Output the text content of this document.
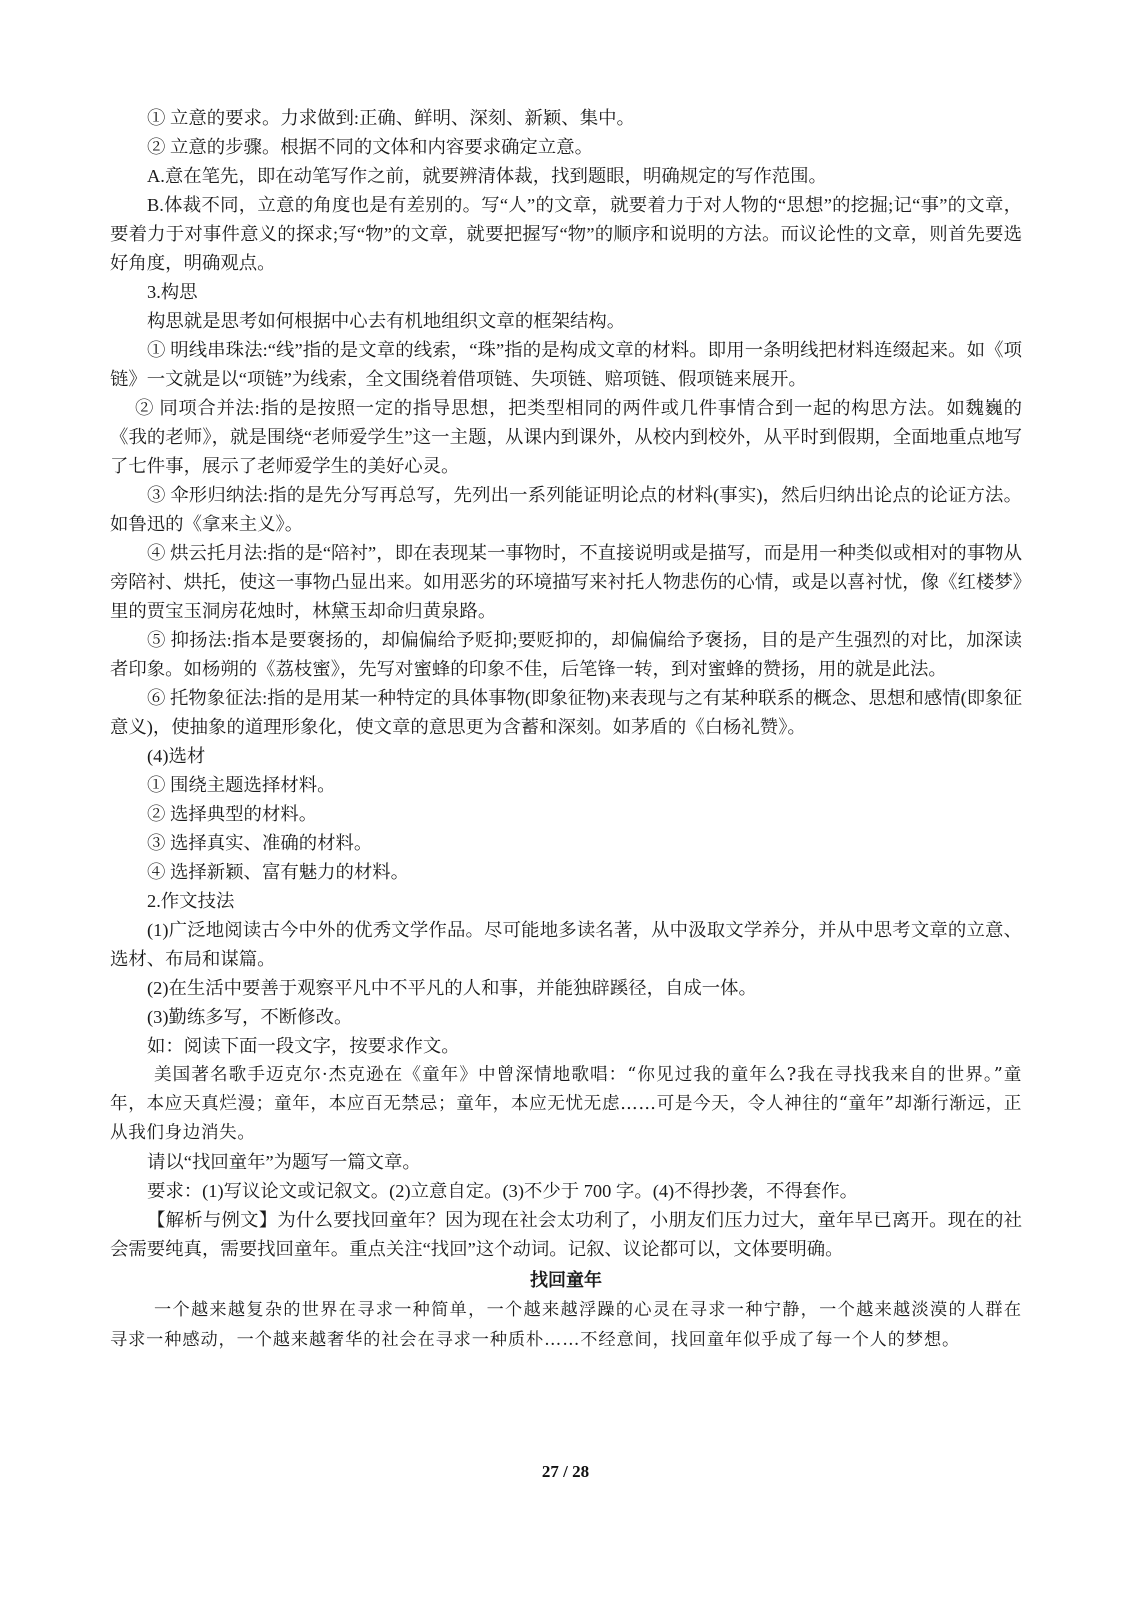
① 立意的要求。力求做到:正确、鲜明、深刻、新颖、集中。

② 立意的步骤。根据不同的文体和内容要求确定立意。

A.意在笔先，即在动笔写作之前，就要辨清体裁，找到题眼，明确规定的写作范围。

B.体裁不同，立意的角度也是有差别的。写“人”的文章，就要着力于对人物的“思想”的挖掘;记“事”的文章，要着力于对事件意义的探求;写“物”的文章，就要把握写“物”的顺序和说明的方法。而议论性的文章，则首先要选好角度，明确观点。

3.构思

构思就是思考如何根据中心去有机地组织文章的框架结构。

① 明线串珠法:“线”指的是文章的线索，“珠”指的是构成文章的材料。即用一条明线把材料连缀起来。如《项链》一文就是以“项链”为线索，全文围绕着借项链、失项链、赔项链、假项链来展开。

② 同项合并法:指的是按照一定的指导思想，把类型相同的两件或几件事情合到一起的构思方法。如魏巍的《我的老师》，就是围绕“老师爱学生”这一主题，从课内到课外，从校内到校外，从平时到假期，全面地重点地写了七件事，展示了老师爱学生的美好心灵。

③ 伞形归纳法:指的是先分写再总写，先列出一系列能证明论点的材料(事实)，然后归纳出论点的论证方法。如鲁迅的《拿来主义》。

④ 烘云托月法:指的是“陪衬”，即在表现某一事物时，不直接说明或是描写，而是用一种类似或相对的事物从旁陪衬、烘托，使这一事物凸显出来。如用恶劣的环境描写来衬托人物悲伤的心情，或是以喜衬忧，像《红楼梦》里的贾宝玉洞房花烛时，林黛玉却命归黄泉路。

⑤ 抑扬法:指本是要褒扬的，却偏偏给予贬抑;要贬抑的，却偏偏给予褒扬，目的是产生强烈的对比，加深读者印象。如杨朔的《荔枝蜜》，先写对蜜蜂的印象不佳，后笔锋一转，到对蜜蜂的赞扬，用的就是此法。

⑥ 托物象征法:指的是用某一种特定的具体事物(即象征物)来表现与之有某种联系的概念、思想和感情(即象征意义)，使抽象的道理形象化，使文章的意思更为含蓄和深刻。如茅盾的《白杨礼赞》。

(4)选材

① 围绕主题选择材料。

② 选择典型的材料。

③ 选择真实、准确的材料。

④ 选择新颖、富有魅力的材料。

2.作文技法

(1)广泛地阅读古今中外的优秀文学作品。尽可能地多读名著，从中汲取文学养分，并从中思考文章的立意、选材、布局和谋篇。

(2)在生活中要善于观察平凡中不平凡的人和事，并能独辟蹊径，自成一体。

(3)勤练多写，不断修改。

如：阅读下面一段文字，按要求作文。

美国著名歌手迈克尔·杰克逊在《童年》中曾深情地歌唱：“你见过我的童年么?我在寻找我来自的世界。”童年，本应天真烂漫；童年，本应百无禁忌；童年，本应无忧无虑……可是今天，令人神往的“童年”却渐行渐远，正从我们身边消失。

请以“找回童年”为题写一篇文章。

要求：(1)写议论文或记叙文。(2)立意自定。(3)不少于 700 字。(4)不得抄袭，不得套作。

【解析与例文】为什么要找回童年？因为现在社会太功利了，小朋友们压力过大，童年早已离开。现在的社会需要纯真，需要找回童年。重点关注“找回”这个动词。记叙、议论都可以，文体要明确。

找回童年

一个越来越复杂的世界在寻求一种简单，一个越来越浮躁的心灵在寻求一种宁静，一个越来越淡漠的人群在寻求一种感动，一个越来越奢华的社会在寻求一种质朴……不经意间，找回童年似乎成了每一个人的梦想。

27 / 28
